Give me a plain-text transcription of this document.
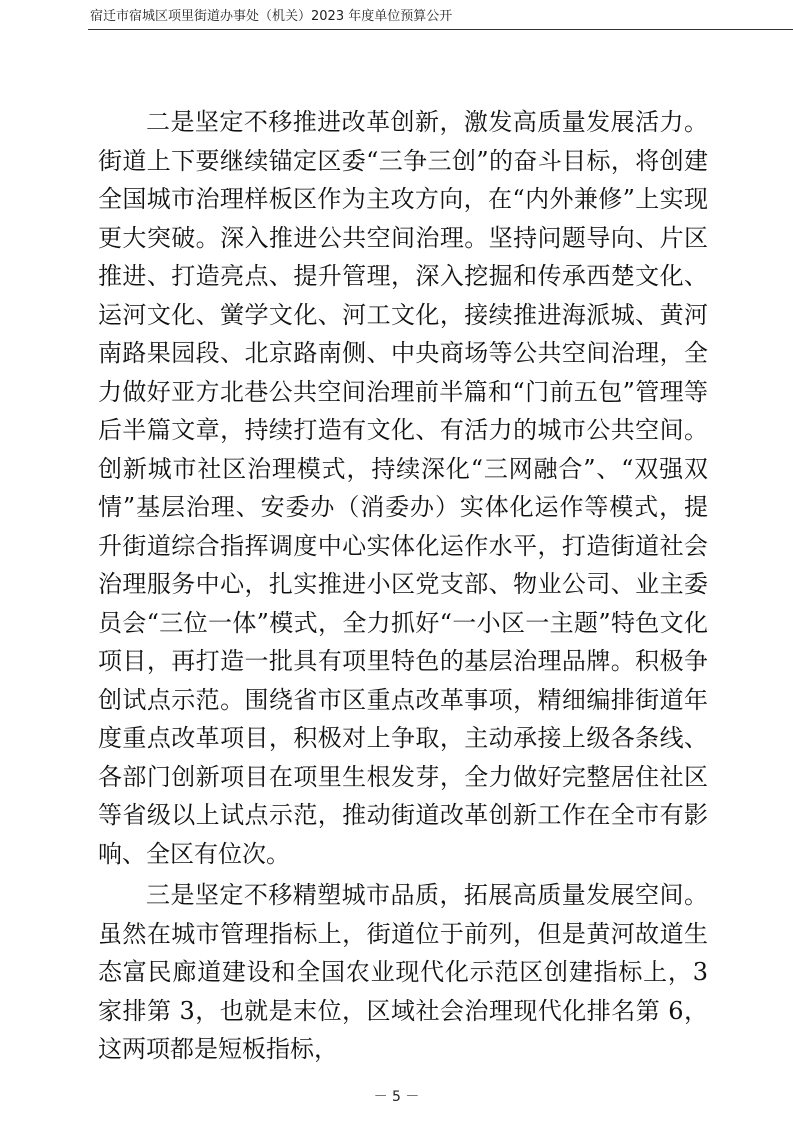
宿迁市宿城区项里街道办事处（机关）2023 年度单位预算公开

二是坚定不移推进改革创新，激发高质量发展活力。街道上下要继续锚定区委“三争三创”的奋斗目标，将创建全国城市治理样板区作为主攻方向，在“内外兼修”上实现更大突破。深入推进公共空间治理。坚持问题导向、片区推进、打造亮点、提升管理，深入挖掘和传承西楚文化、运河文化、黉学文化、河工文化，接续推进海派城、黄河南路果园段、北京路南侧、中央商场等公共空间治理，全力做好亚方北巷公共空间治理前半篇和“门前五包”管理等后半篇文章，持续打造有文化、有活力的城市公共空间。创新城市社区治理模式，持续深化“三网融合”、“双强双情”基层治理、安委办（消委办）实体化运作等模式，提升街道综合指挥调度中心实体化运作水平，打造街道社会治理服务中心，扎实推进小区党支部、物业公司、业主委员会“三位一体”模式，全力抓好“一小区一主题”特色文化项目，再打造一批具有项里特色的基层治理品牌。积极争创试点示范。围绕省市区重点改革事项，精细编排街道年度重点改革项目，积极对上争取，主动承接上级各条线、各部门创新项目在项里生根发芽，全力做好完整居住社区等省级以上试点示范，推动街道改革创新工作在全市有影响、全区有位次。

三是坚定不移精塑城市品质，拓展高质量发展空间。虽然在城市管理指标上，街道位于前列，但是黄河故道生态富民廊道建设和全国农业现代化示范区创建指标上，3 家排第 3，也就是末位，区域社会治理现代化排名第 6，这两项都是短板指标，

－ 5 －
